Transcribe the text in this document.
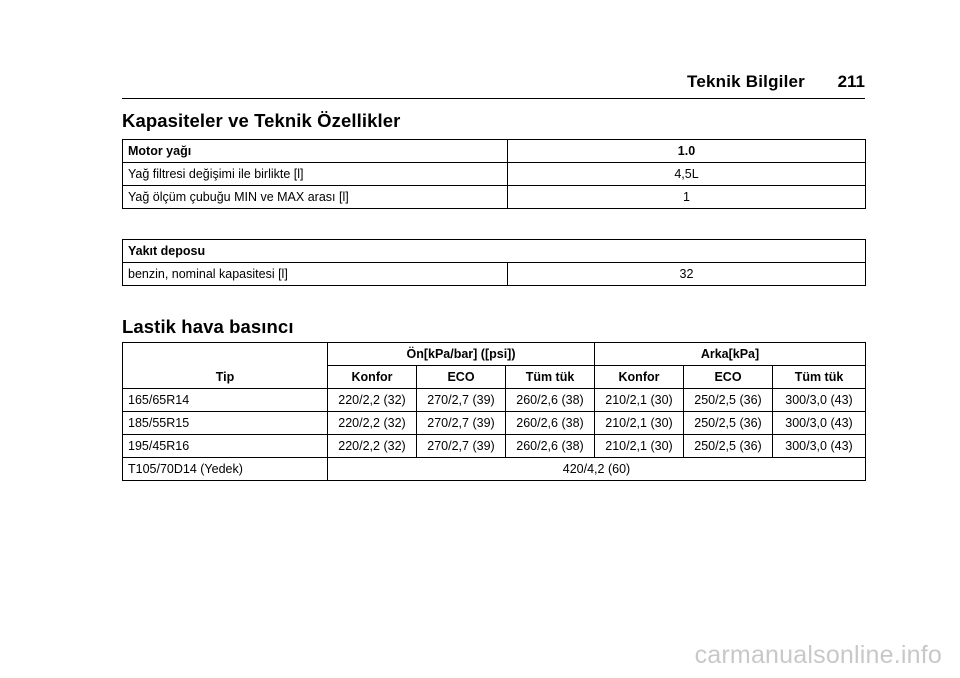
Teknik Bilgiler 211
Kapasiteler ve Teknik Özellikler
Motor yağı	1.0
Yağ filtresi değişimi ile birlikte [l]	4,5L
Yağ ölçüm çubuğu MIN ve MAX arası [l]	1
Yakıt deposu
benzin, nominal kapasitesi [l]	32
Lastik hava basıncı
Tip	Ön[kPa/bar] ([psi])			Arka[kPa]		
	Konfor	ECO	Tüm tük	Konfor	ECO	Tüm tük
165/65R14	220/2,2 (32)	270/2,7 (39)	260/2,6 (38)	210/2,1 (30)	250/2,5 (36)	300/3,0 (43)
185/55R15	220/2,2 (32)	270/2,7 (39)	260/2,6 (38)	210/2,1 (30)	250/2,5 (36)	300/3,0 (43)
195/45R16	220/2,2 (32)	270/2,7 (39)	260/2,6 (38)	210/2,1 (30)	250/2,5 (36)	300/3,0 (43)
T105/70D14 (Yedek)	420/4,2 (60)					
carmanualsonline.info
